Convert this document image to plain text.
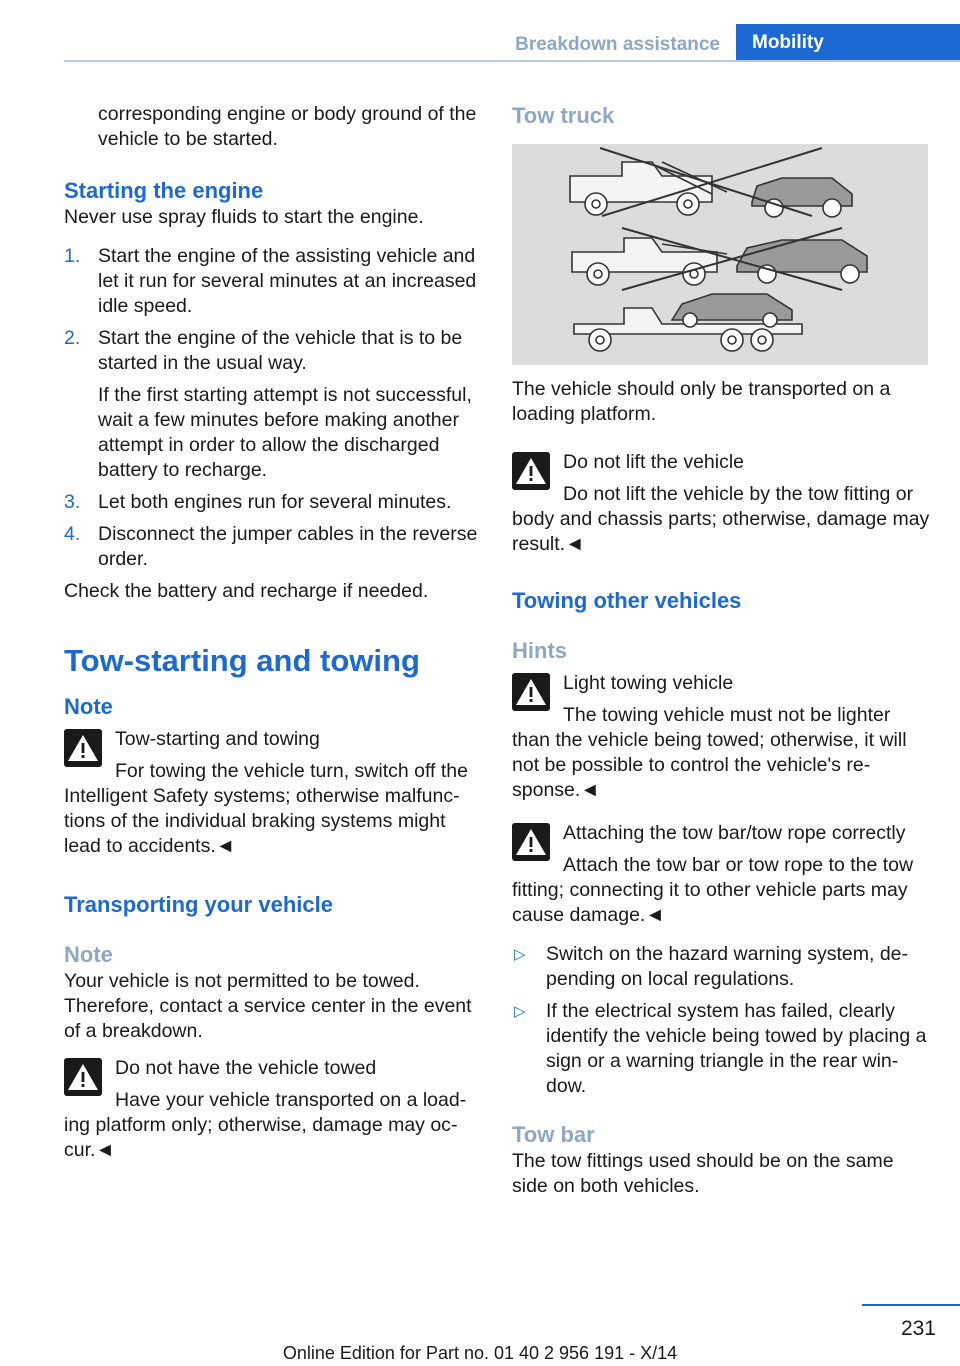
Breakdown assistance	Mobility

corresponding engine or body ground of the vehicle to be started.

Starting the engine

Never use spray fluids to start the engine.

1. Start the engine of the assisting vehicle and let it run for several minutes at an increased idle speed.
2. Start the engine of the vehicle that is to be started in the usual way.

If the first starting attempt is not successful, wait a few minutes before making another attempt in order to allow the discharged battery to recharge.

3. Let both engines run for several minutes.
4. Disconnect the jumper cables in the reverse order.

Check the battery and recharge if needed.

Tow-starting and towing

Note

Tow-starting and towing

For towing the vehicle turn, switch off the Intelligent Safety systems; otherwise malfunctions of the individual braking systems might lead to accidents.◄

Transporting your vehicle

Note

Your vehicle is not permitted to be towed. Therefore, contact a service center in the event of a breakdown.

Do not have the vehicle towed

Have your vehicle transported on a loading platform only; otherwise, damage may occur.◄

Tow truck

The vehicle should only be transported on a loading platform.

Do not lift the vehicle

Do not lift the vehicle by the tow fitting or body and chassis parts; otherwise, damage may result.◄

Towing other vehicles

Hints

Light towing vehicle

The towing vehicle must not be lighter than the vehicle being towed; otherwise, it will not be possible to control the vehicle's response.◄

Attaching the tow bar/tow rope correctly

Attach the tow bar or tow rope to the tow fitting; connecting it to other vehicle parts may cause damage.◄

▷ Switch on the hazard warning system, depending on local regulations.
▷ If the electrical system has failed, clearly identify the vehicle being towed by placing a sign or a warning triangle in the rear window.

Tow bar

The tow fittings used should be on the same side on both vehicles.

231
Online Edition for Part no. 01 40 2 956 191 - X/14
